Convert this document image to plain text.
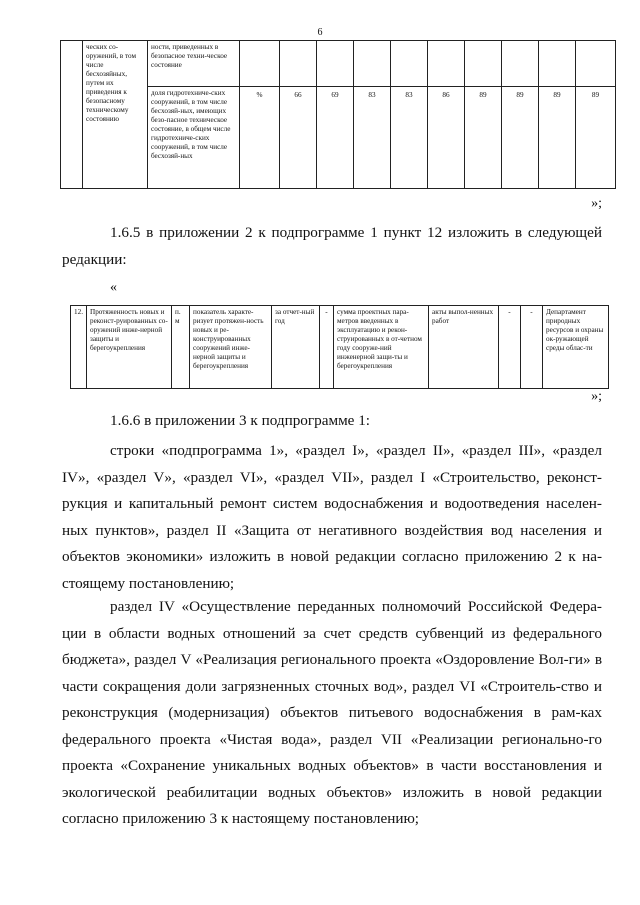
6
	ческих со-оружений, в том числе бесхозяйных, путем их приведения к безопасному техническому состоянию	ности, приведенных в безопасное техни-ческое состояние										
		доля гидротехниче-ских сооружений, в том числе бесхозяй-ных, имеющих безо-пасное техническое состояние, в общем числе гидротехниче-ских сооружений, в том числе бесхозяй-ных	%	66	69	83	83	86	89	89	89	89
»;

1.6.5 в приложении 2 к подпрограмме 1 пункт 12 изложить в следующей редакции:

«
12.	Протяженность новых и реконст-руированных со-оружений инже-нерной защиты и берегоукрепления	п. м	показатель характе-ризует протяжен-ность новых и ре-конструированных сооружений инже-нерной защиты и берегоукрепления	за отчет-ный год	-	сумма проектных пара-метров введенных в эксплуатацию и рекон-струированных в от-четном году сооруже-ний инженерной защи-ты и берегоукрепления	акты выпол-ненных работ	-	-	Департамент природных ресурсов и охраны ок-ружающей среды облас-ти
»;

1.6.6 в приложении 3 к подпрограмме 1:

строки «подпрограмма 1», «раздел I», «раздел II», «раздел III», «раздел IV», «раздел V», «раздел VI», «раздел VII», раздел I «Строительство, реконст-рукция и капитальный ремонт систем водоснабжения и водоотведения населен-ных пунктов», раздел II «Защита от негативного воздействия вод населения и объектов экономики» изложить в новой редакции согласно приложению 2 к на-стоящему постановлению;

раздел IV «Осуществление переданных полномочий Российской Федера-ции в области водных отношений за счет средств субвенций из федерального бюджета», раздел V «Реализация регионального проекта «Оздоровление Вол-ги» в части сокращения доли загрязненных сточных вод», раздел VI «Строитель-ство и реконструкция (модернизация) объектов питьевого водоснабжения в рам-ках федерального проекта «Чистая вода», раздел VII «Реализации регионально-го проекта «Сохранение уникальных водных объектов» в части восстановления и экологической реабилитации водных объектов» изложить в новой редакции согласно приложению 3 к настоящему постановлению;
